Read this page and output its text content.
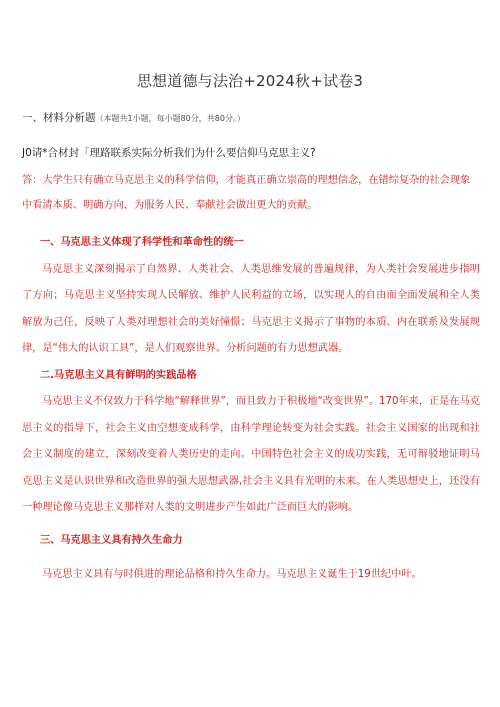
思想道德与法治+2024秋+试卷3
一、材料分析题（本题共1小题，每小题80分，共80分。）
J0请*合材封「理路联系实际分析我们为什么要信仰马克思主义?
答：大学生只有确立马克思主义的科学信仰，才能真正确立崇高的理想信念，在错综复杂的社会现象中看清本质、明确方向，为服务人民、奉献社会做出更大的贡献。
一、马克思主义体现了科学性和革命性的统一
马克思主义深刻揭示了自然界、人类社会、人类思维发展的普遍规律，为人类社会发展进步指明了方向；马克思主义坚持实现人民解放、维护人民利益的立场，以实现人的自由而全面发展和全人类解放为己任，反映了人类对理想社会的美好憧憬；马克思主义揭示了事物的本质、内在联系及发展规律，是“伟大的认识工具”，是人们观察世界、分析问题的有力思想武器。
二.马克思主义具有鲜明的实践品格
马克思主义不仅致力于科学地“解释世界”，而且致力于积极地“改变世界”。170年来，正是在马克思主义的指导下，社会主义由空想变成科学，由科学理论转变为社会实践。社会主义国家的出现和社会主义制度的建立，深刻改变着人类历史的走向。中国特色社会主义的成功实践，无可辩驳地证明马克思主义是认识世界和改造世界的强大思想武器,社会主义具有光明的未来。在人类思想史上，还没有一种理论像马克思主义那样对人类的文明进步产生如此广泛而巨大的影响。
三、马克思主义具有持久生命力
马克思主义具有与时俱进的理论品格和持久生命力。马克思主义诞生于19世纪中叶。
